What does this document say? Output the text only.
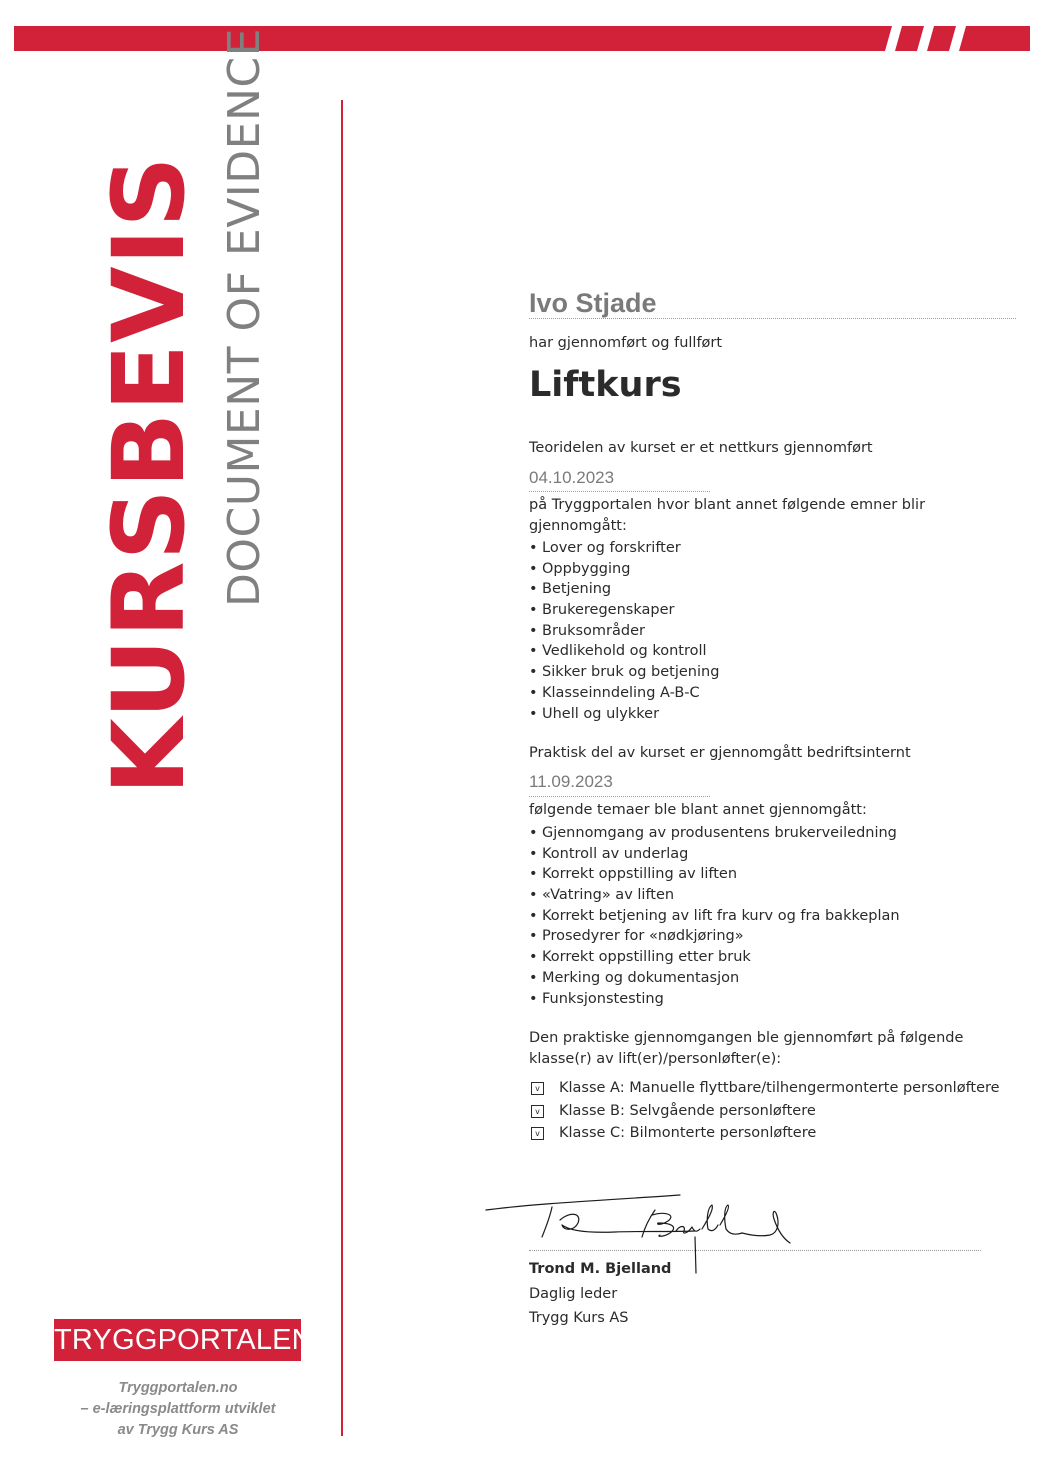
KURSBEVIS DOCUMENT OF EVIDENCE
TRYGGPORTALEN
Tryggportalen.no
– e-læringsplattform utviklet
av Trygg Kurs AS
Ivo Stjade
har gjennomført og fullført
Liftkurs
Teoridelen av kurset er et nettkurs gjennomført
04.10.2023
på Tryggportalen hvor blant annet følgende emner blir
gjennomgått:
• Lover og forskrifter
• Oppbygging
• Betjening
• Brukeregenskaper
• Bruksområder
• Vedlikehold og kontroll
• Sikker bruk og betjening
• Klasseinndeling A-B-C
• Uhell og ulykker
Praktisk del av kurset er gjennomgått bedriftsinternt
11.09.2023
følgende temaer ble blant annet gjennomgått:
• Gjennomgang av produsentens brukerveiledning
• Kontroll av underlag
• Korrekt oppstilling av liften
• «Vatring» av liften
• Korrekt betjening av lift fra kurv og fra bakkeplan
• Prosedyrer for «nødkjøring»
• Korrekt oppstilling etter bruk
• Merking og dokumentasjon
• Funksjonstesting
Den praktiske gjennomgangen ble gjennomført på følgende
klasse(r) av lift(er)/personløfter(e):
v Klasse A: Manuelle flyttbare/tilhengermonterte personløftere
v Klasse B: Selvgående personløftere
v Klasse C: Bilmonterte personløftere
Trond M. Bjelland
Daglig leder
Trygg Kurs AS
